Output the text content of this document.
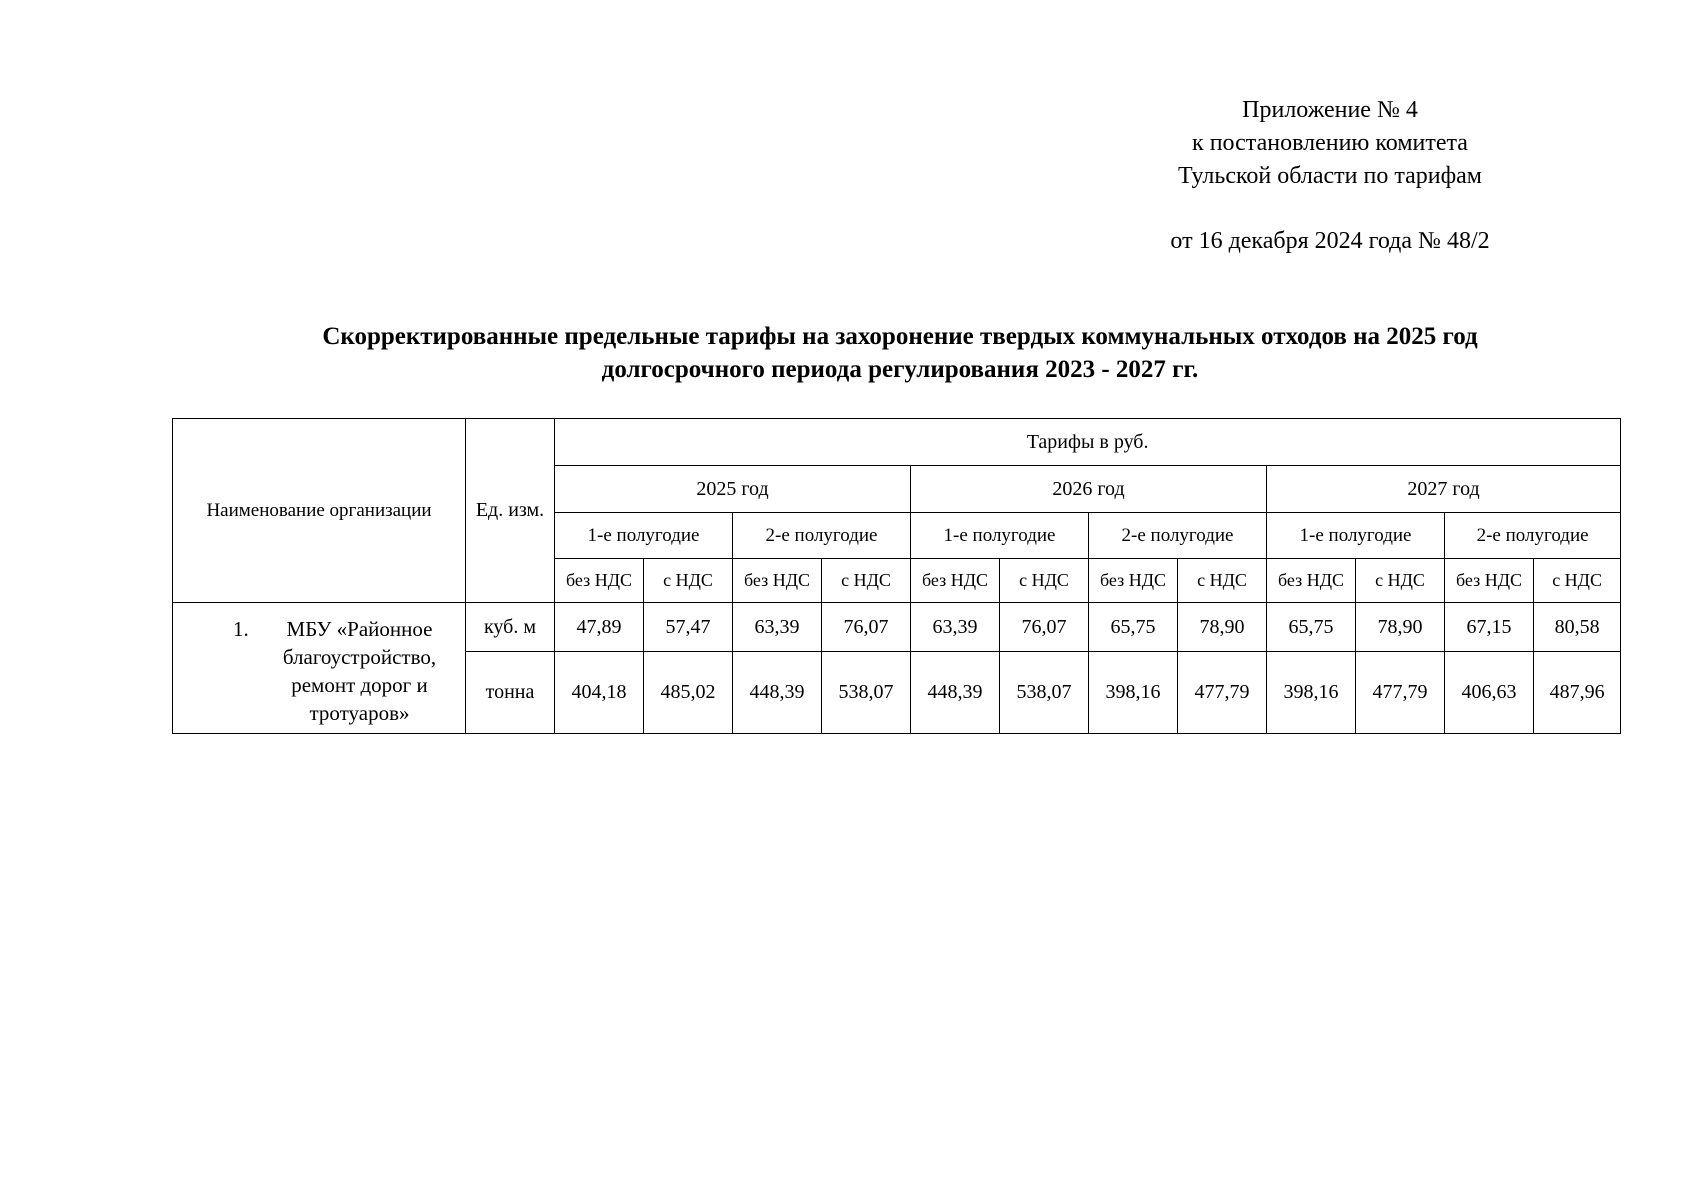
Приложение № 4
к постановлению комитета
Тульской области по тарифам
от 16 декабря 2024 года № 48/2
Скорректированные предельные тарифы на захоронение твердых коммунальных отходов на 2025 год
долгосрочного периода регулирования 2023 - 2027 гг.
Наименование организации	Ед. изм.	Тарифы в руб.											
		2025 год				2026 год				2027 год			
		1-е полугодие		2-е полугодие		1-е полугодие		2-е полугодие		1-е полугодие		2-е полугодие	
		без НДС	с НДС	без НДС	с НДС	без НДС	с НДС	без НДС	с НДС	без НДС	с НДС	без НДС	с НДС

1. МБУ «Районное благоустройство, ремонт дорог и тротуаров»	куб. м	47,89	57,47	63,39	76,07	63,39	76,07	65,75	78,90	65,75	78,90	67,15	80,58
	тонна	404,18	485,02	448,39	538,07	448,39	538,07	398,16	477,79	398,16	477,79	406,63	487,96
